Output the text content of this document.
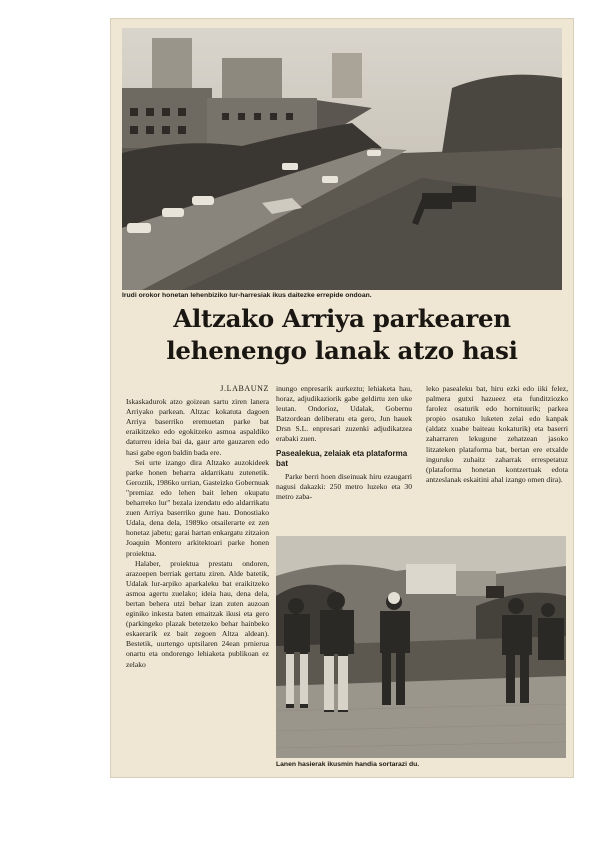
Irudi orokor honetan lehenbiziko lur-harresiak ikus daitezke errepide ondoan.
Altzako Arriya parkearen
lehenengo lanak atzo hasi
J.LABAUNZ

Iskaskadurok atzo goizean sartu ziren lanera Arriyako parkean. Altzac kokatuta dagoen Arriya baserriko eremuetan parke bat eraikitzeko edo egokitzeko asmoa aspaldiko daturreu ideia bai da, gaur arte gauzaren edo hasi gabe egon baldin bada ere.

Sei urte izango dira Altzako auzokideek parke honen beharra aldarrikatu zutenetik. Geroztik, 1986ko urrian, Gasteizko Gobernuak "premiaz edo lehen bait lehen okupatu beharreko lur" bezala izendatu edo aldarrikatu zuen Arriya baserriko gune hau. Donostiako Udala, dena dela, 1989ko otsailerarte ez zen honetaz jabetu; garai hartan enkargatu zitzaion Joaquin Montero arkitektoari parke honen proiektua.

Halaber, proiektua prestatu ondoren, arazoepen berriak gertatu ziren. Alde batetik, Udalak lur-arpiko aparkaleku bat eraikitzeko asmoa agertu zuelako; ideia hau, dena dela, bertan behera utzi behar izan zuten auzoan eginiko inkesta baten emaitzak ikusi eta gero (parkingeko plazak betetzeko behar hainbeko eskaerarik ez bait zegoen Altza aldean). Bestetik, uurtengo uptsilaren 24ean prnierua onartu eta ondorengo lehiaketa publikoan ez zelako

inungo enpresarik aurkeztu; lehiaketa hau, horaz, adjudikaziorik gabe geldirtu zen uke leutan. Ondorioz, Udalak, Gobernu Batzordean deliberatu eta gero, Jun hauek Drsn S.L. enpresari zuzenki adjudikatzea erabaki zuen.

Pasealekua, zelaiak eta plataforma bat

Parke berri hoen diseinuak hiru ezaugarri nagusi dakazki: 250 metro luzeko eta 30 metro zaba-

leko pasealeku bat, hiru ezki edo iiki felez, palmera gutxi hazueez eta funditziozko farolez osaturik edo hornituurik; parkea propio osatuko luketen zelai edo kanpak (aldatz xuabe baiteau kokaturik) eta baserri zaharraren lekugune zehatzean jasoko litzateken plataforma bat, bertan ere etxalde inguruko zuhaitz zaharrak errespetatuz (plataforma honetan kontzertuak edota antzeslanak eskaitini ahal izango omen dira).

Lanen hasierak ikusmin handia sortarazi du.
